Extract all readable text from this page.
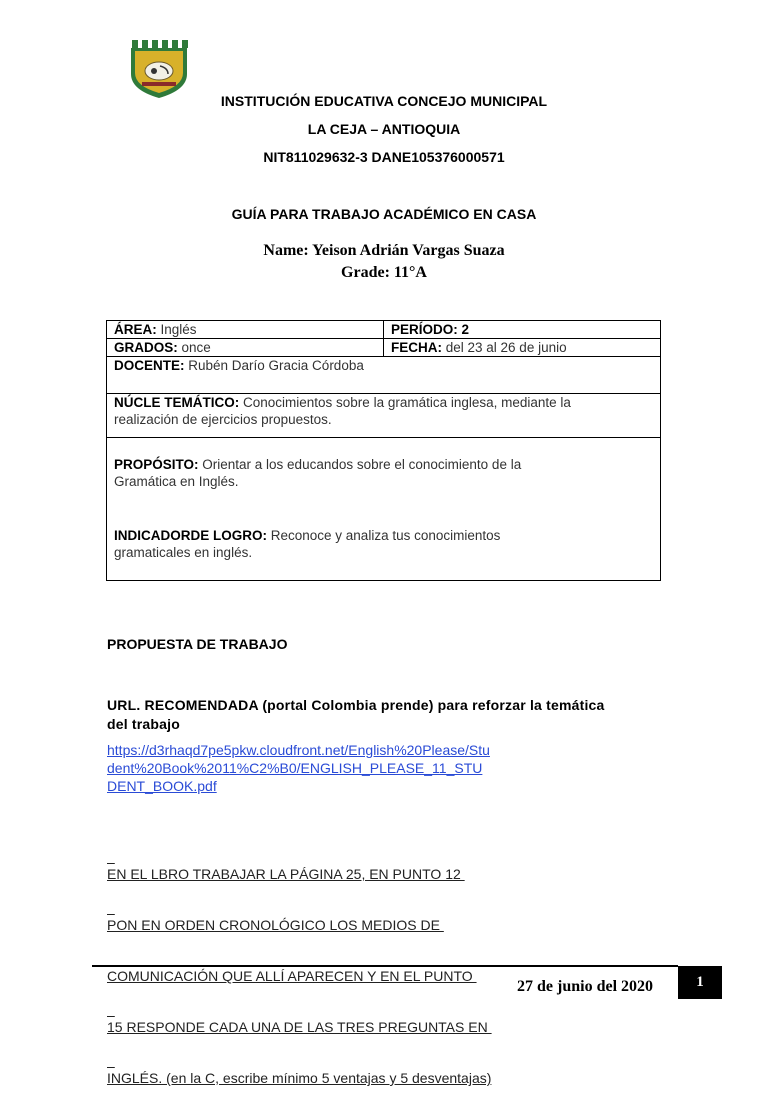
INSTITUCIÓN EDUCATIVA CONCEJO MUNICIPAL
LA CEJA – ANTIOQUIA
NIT811029632-3 DANE105376000571
GUÍA PARA TRABAJO ACADÉMICO EN CASA
Name: Yeison Adrián Vargas Suaza
Grade: 11°A
ÁREA: Inglés	PERÍODO: 2
GRADOS: once	FECHA: del 23 al 26 de junio
DOCENTE: Rubén Darío Gracia Córdoba
NÚCLE TEMÁTICO: Conocimientos sobre la gramática inglesa, mediante la
realización de ejercicios propuestos.
PROPÓSITO: Orientar a los educandos sobre el conocimiento de la
Gramática en Inglés.
INDICADORDE LOGRO: Reconoce y analiza tus conocimientos
gramaticales en inglés.
PROPUESTA DE TRABAJO
URL. RECOMENDADA (portal Colombia prende) para reforzar la temática
del trabajo
https://d3rhaqd7pe5pkw.cloudfront.net/English%20Please/Stu
dent%20Book%2011%C2%B0/ENGLISH_PLEASE_11_STU
DENT_BOOK.pdf

EN EL LBRO TRABAJAR LA PÁGINA 25, EN PUNTO 12

PON EN ORDEN CRONOLÓGICO LOS MEDIOS DE

COMUNICACIÓN QUE ALLÍ APARECEN Y EN EL PUNTO

15 RESPONDE CADA UNA DE LAS TRES PREGUNTAS EN

INGLÉS. (en la C, escribe mínimo 5 ventajas y 5 desventajas)

27 de junio del 2020	1
